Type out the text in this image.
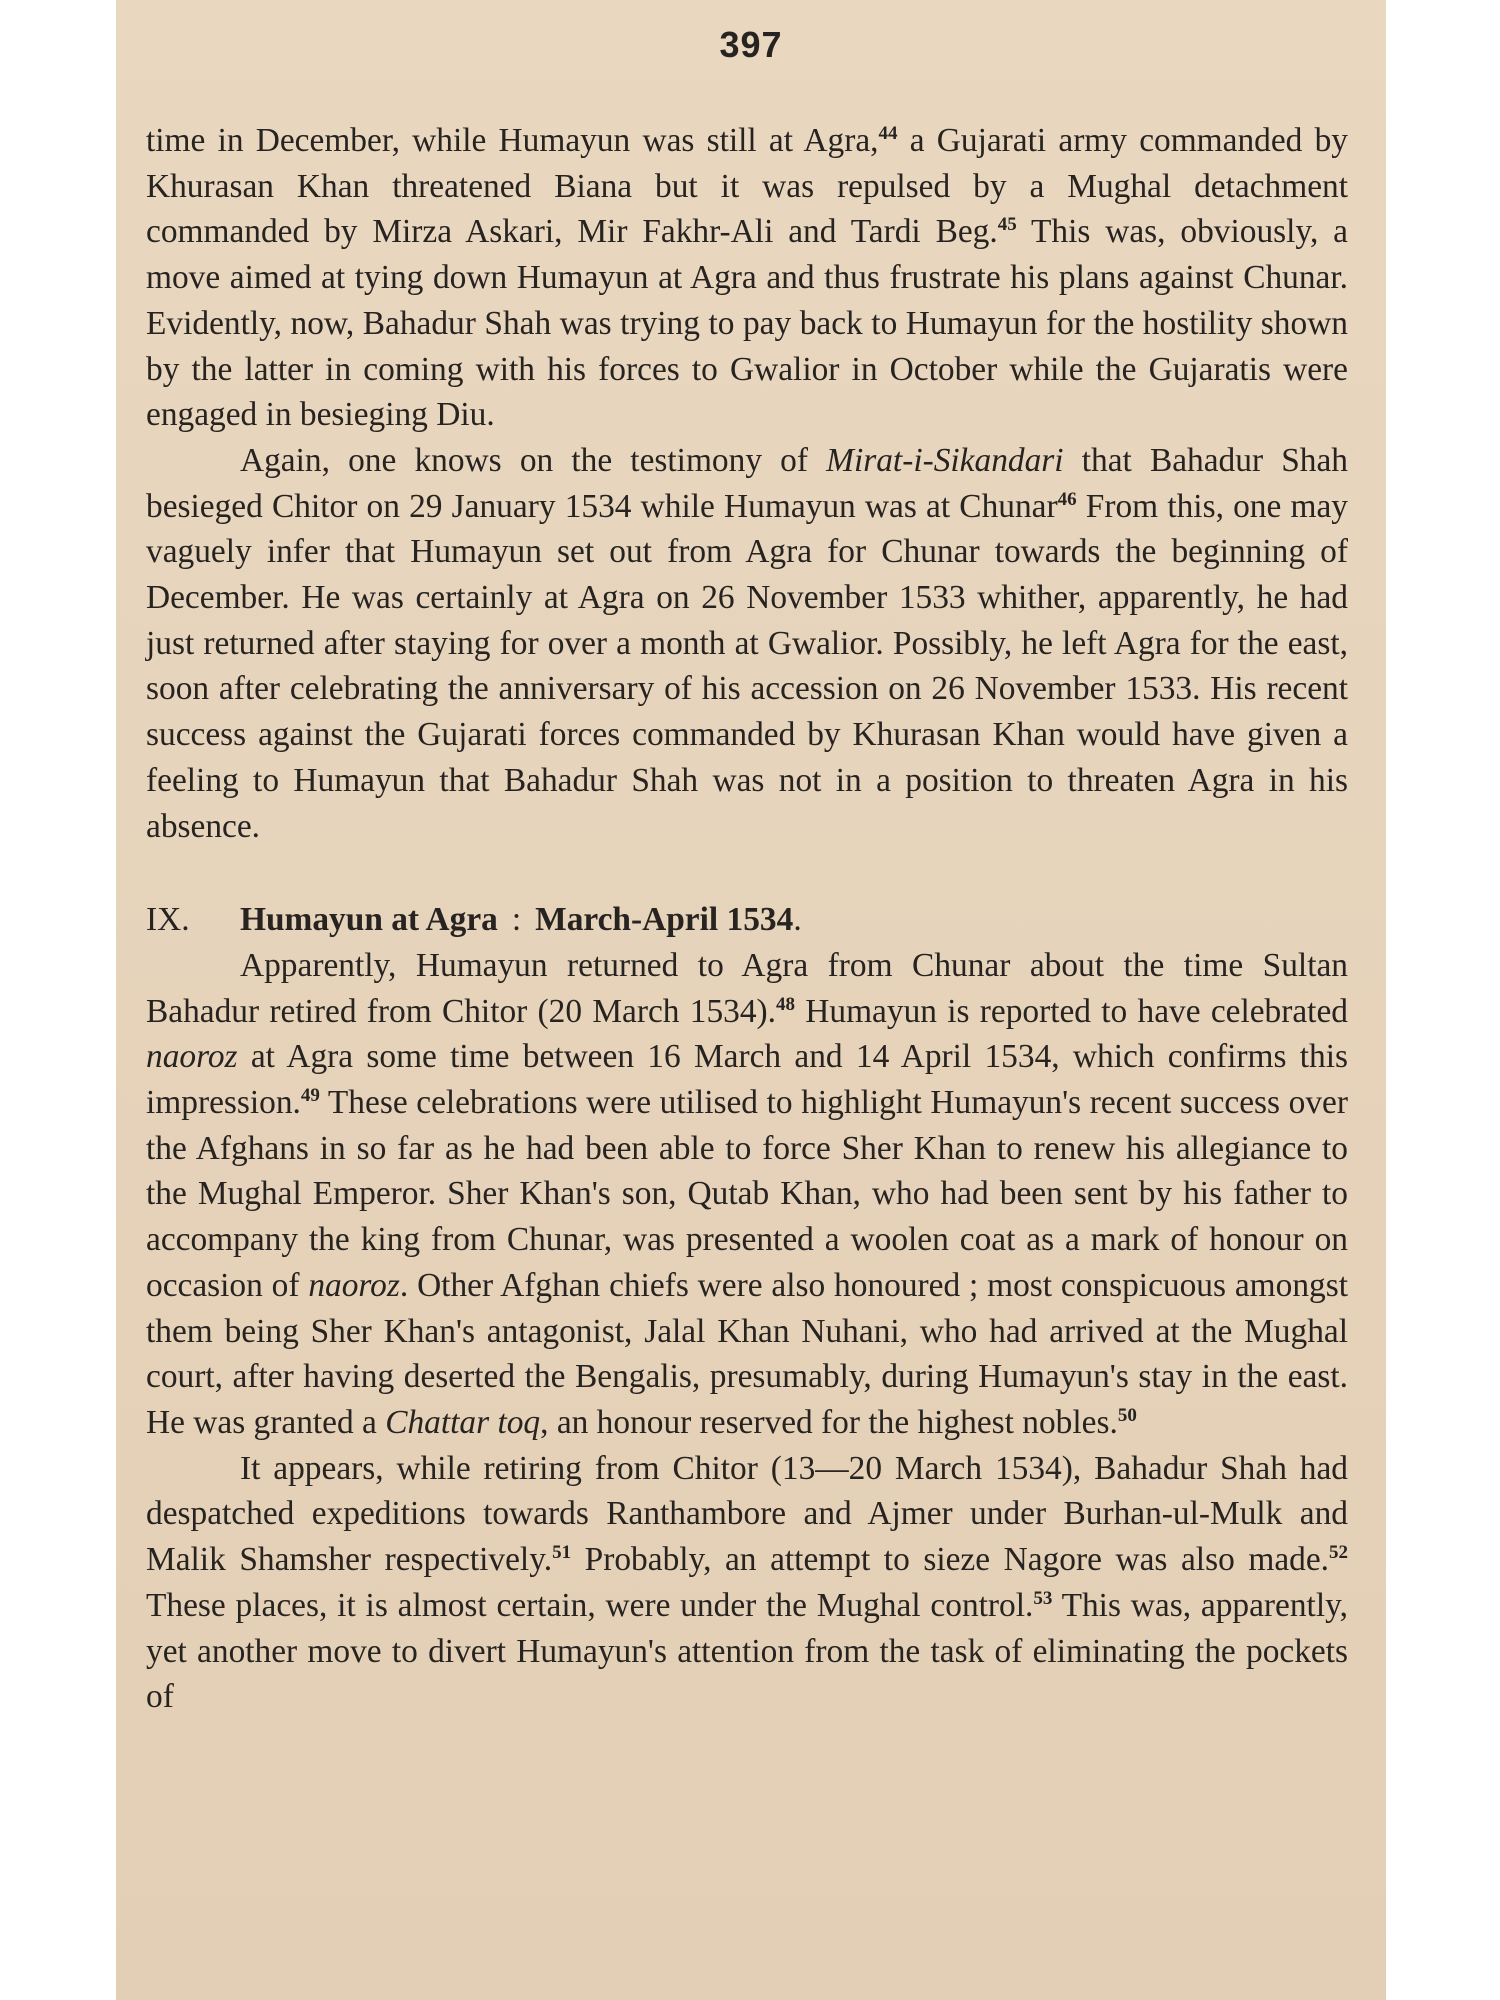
397

time in December, while Humayun was still at Agra,$^{44}$ a Gujarati army commanded by Khurasan Khan threatened Biana but it was repulsed by a Mughal detachment commanded by Mirza Askari, Mir Fakhr-Ali and Tardi Beg.$^{45}$ This was, obviously, a move aimed at tying down Humayun at Agra and thus frustrate his plans against Chunar. Evidently, now, Bahadur Shah was trying to pay back to Humayun for the hostility shown by the latter in coming with his forces to Gwalior in October while the Gujaratis were engaged in besieging Diu.

Again, one knows on the testimony of Mirat-i-Sikandari that Bahadur Shah besieged Chitor on 29 January 1534 while Humayun was at Chunar$^{46}$ From this, one may vaguely infer that Humayun set out from Agra for Chunar towards the beginning of December. He was certainly at Agra on 26 November 1533 whither, apparently, he had just returned after staying for over a month at Gwalior. Possibly, he left Agra for the east, soon after celebrating the anniversary of his accession on 26 November 1533. His recent success against the Gujarati forces commanded by Khurasan Khan would have given a feeling to Humayun that Bahadur Shah was not in a position to threaten Agra in his absence.

IX. Humayun at Agra : March-April 1534.

Apparently, Humayun returned to Agra from Chunar about the time Sultan Bahadur retired from Chitor (20 March 1534).$^{48}$ Humayun is reported to have celebrated naoroz at Agra some time between 16 March and 14 April 1534, which confirms this impression.$^{49}$ These celebrations were utilised to highlight Humayun's recent success over the Afghans in so far as he had been able to force Sher Khan to renew his allegiance to the Mughal Emperor. Sher Khan's son, Qutab Khan, who had been sent by his father to accompany the king from Chunar, was presented a woolen coat as a mark of honour on occasion of naoroz. Other Afghan chiefs were also honoured ; most conspicuous amongst them being Sher Khan's antagonist, Jalal Khan Nuhani, who had arrived at the Mughal court, after having deserted the Bengalis, presumably, during Humayun's stay in the east. He was granted a Chattar toq, an honour reserved for the highest nobles.$^{50}$

It appears, while retiring from Chitor (13—20 March 1534), Bahadur Shah had despatched expeditions towards Ranthambore and Ajmer under Burhan-ul-Mulk and Malik Shamsher respectively.$^{51}$ Probably, an attempt to sieze Nagore was also made.$^{52}$ These places, it is almost certain, were under the Mughal control.$^{53}$ This was, apparently, yet another move to divert Humayun's attention from the task of eliminating the pockets of
